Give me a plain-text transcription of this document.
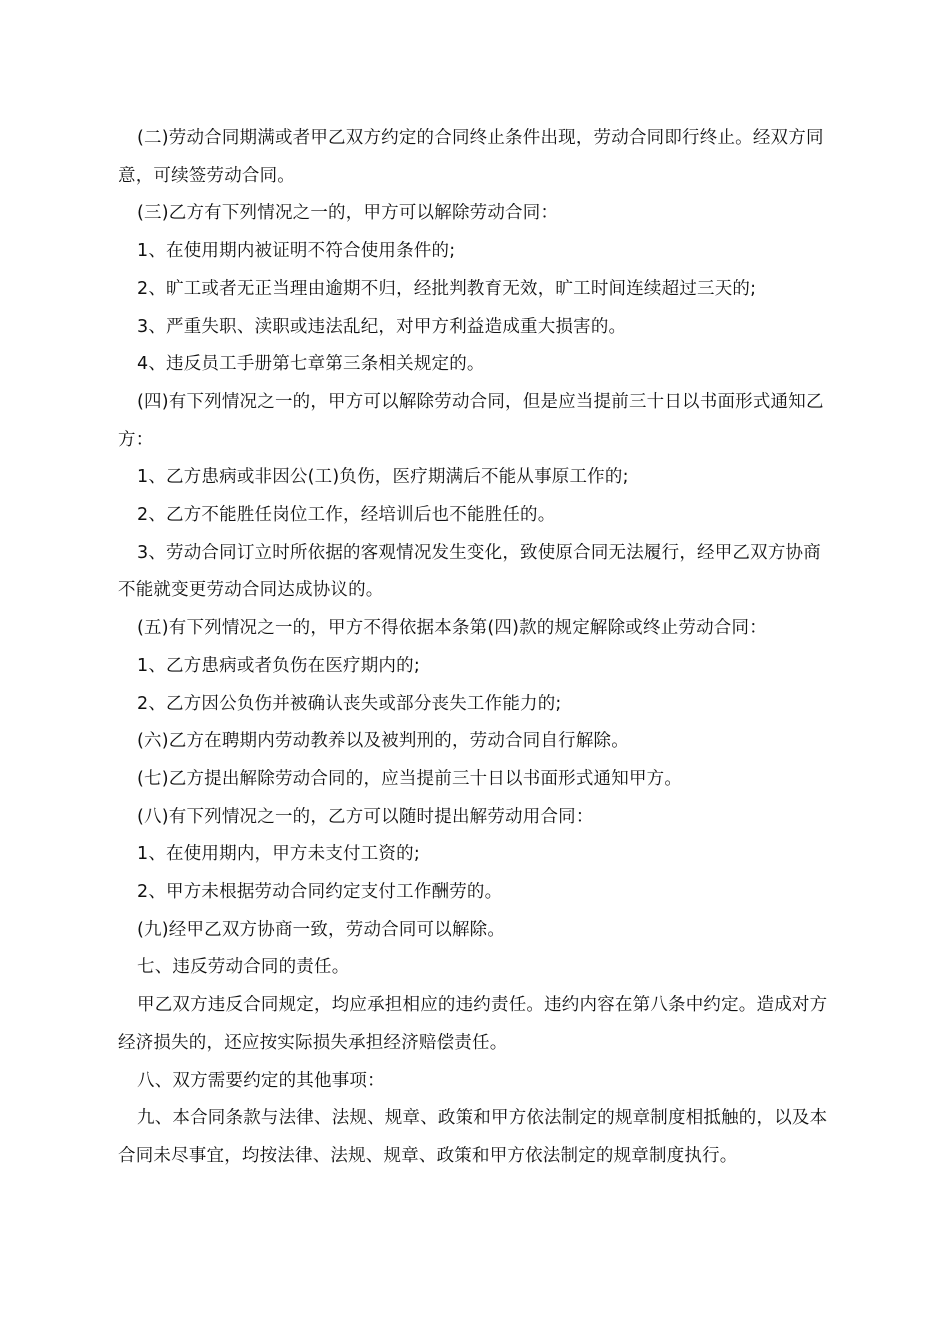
(二)劳动合同期满或者甲乙双方约定的合同终止条件出现，劳动合同即行终止。经双方同意，可续签劳动合同。

(三)乙方有下列情况之一的，甲方可以解除劳动合同：

1、在使用期内被证明不符合使用条件的;

2、旷工或者无正当理由逾期不归，经批判教育无效，旷工时间连续超过三天的;

3、严重失职、渎职或违法乱纪，对甲方利益造成重大损害的。

4、违反员工手册第七章第三条相关规定的。

(四)有下列情况之一的，甲方可以解除劳动合同，但是应当提前三十日以书面形式通知乙方：

1、乙方患病或非因公(工)负伤，医疗期满后不能从事原工作的;

2、乙方不能胜任岗位工作，经培训后也不能胜任的。

3、劳动合同订立时所依据的客观情况发生变化，致使原合同无法履行，经甲乙双方协商不能就变更劳动合同达成协议的。

(五)有下列情况之一的，甲方不得依据本条第(四)款的规定解除或终止劳动合同：

1、乙方患病或者负伤在医疗期内的;

2、乙方因公负伤并被确认丧失或部分丧失工作能力的;

(六)乙方在聘期内劳动教养以及被判刑的，劳动合同自行解除。

(七)乙方提出解除劳动合同的，应当提前三十日以书面形式通知甲方。

(八)有下列情况之一的，乙方可以随时提出解劳动用合同：

1、在使用期内，甲方未支付工资的;

2、甲方未根据劳动合同约定支付工作酬劳的。

(九)经甲乙双方协商一致，劳动合同可以解除。

七、违反劳动合同的责任。

甲乙双方违反合同规定，均应承担相应的违约责任。违约内容在第八条中约定。造成对方经济损失的，还应按实际损失承担经济赔偿责任。

八、双方需要约定的其他事项：

九、本合同条款与法律、法规、规章、政策和甲方依法制定的规章制度相抵触的，以及本合同未尽事宜，均按法律、法规、规章、政策和甲方依法制定的规章制度执行。
